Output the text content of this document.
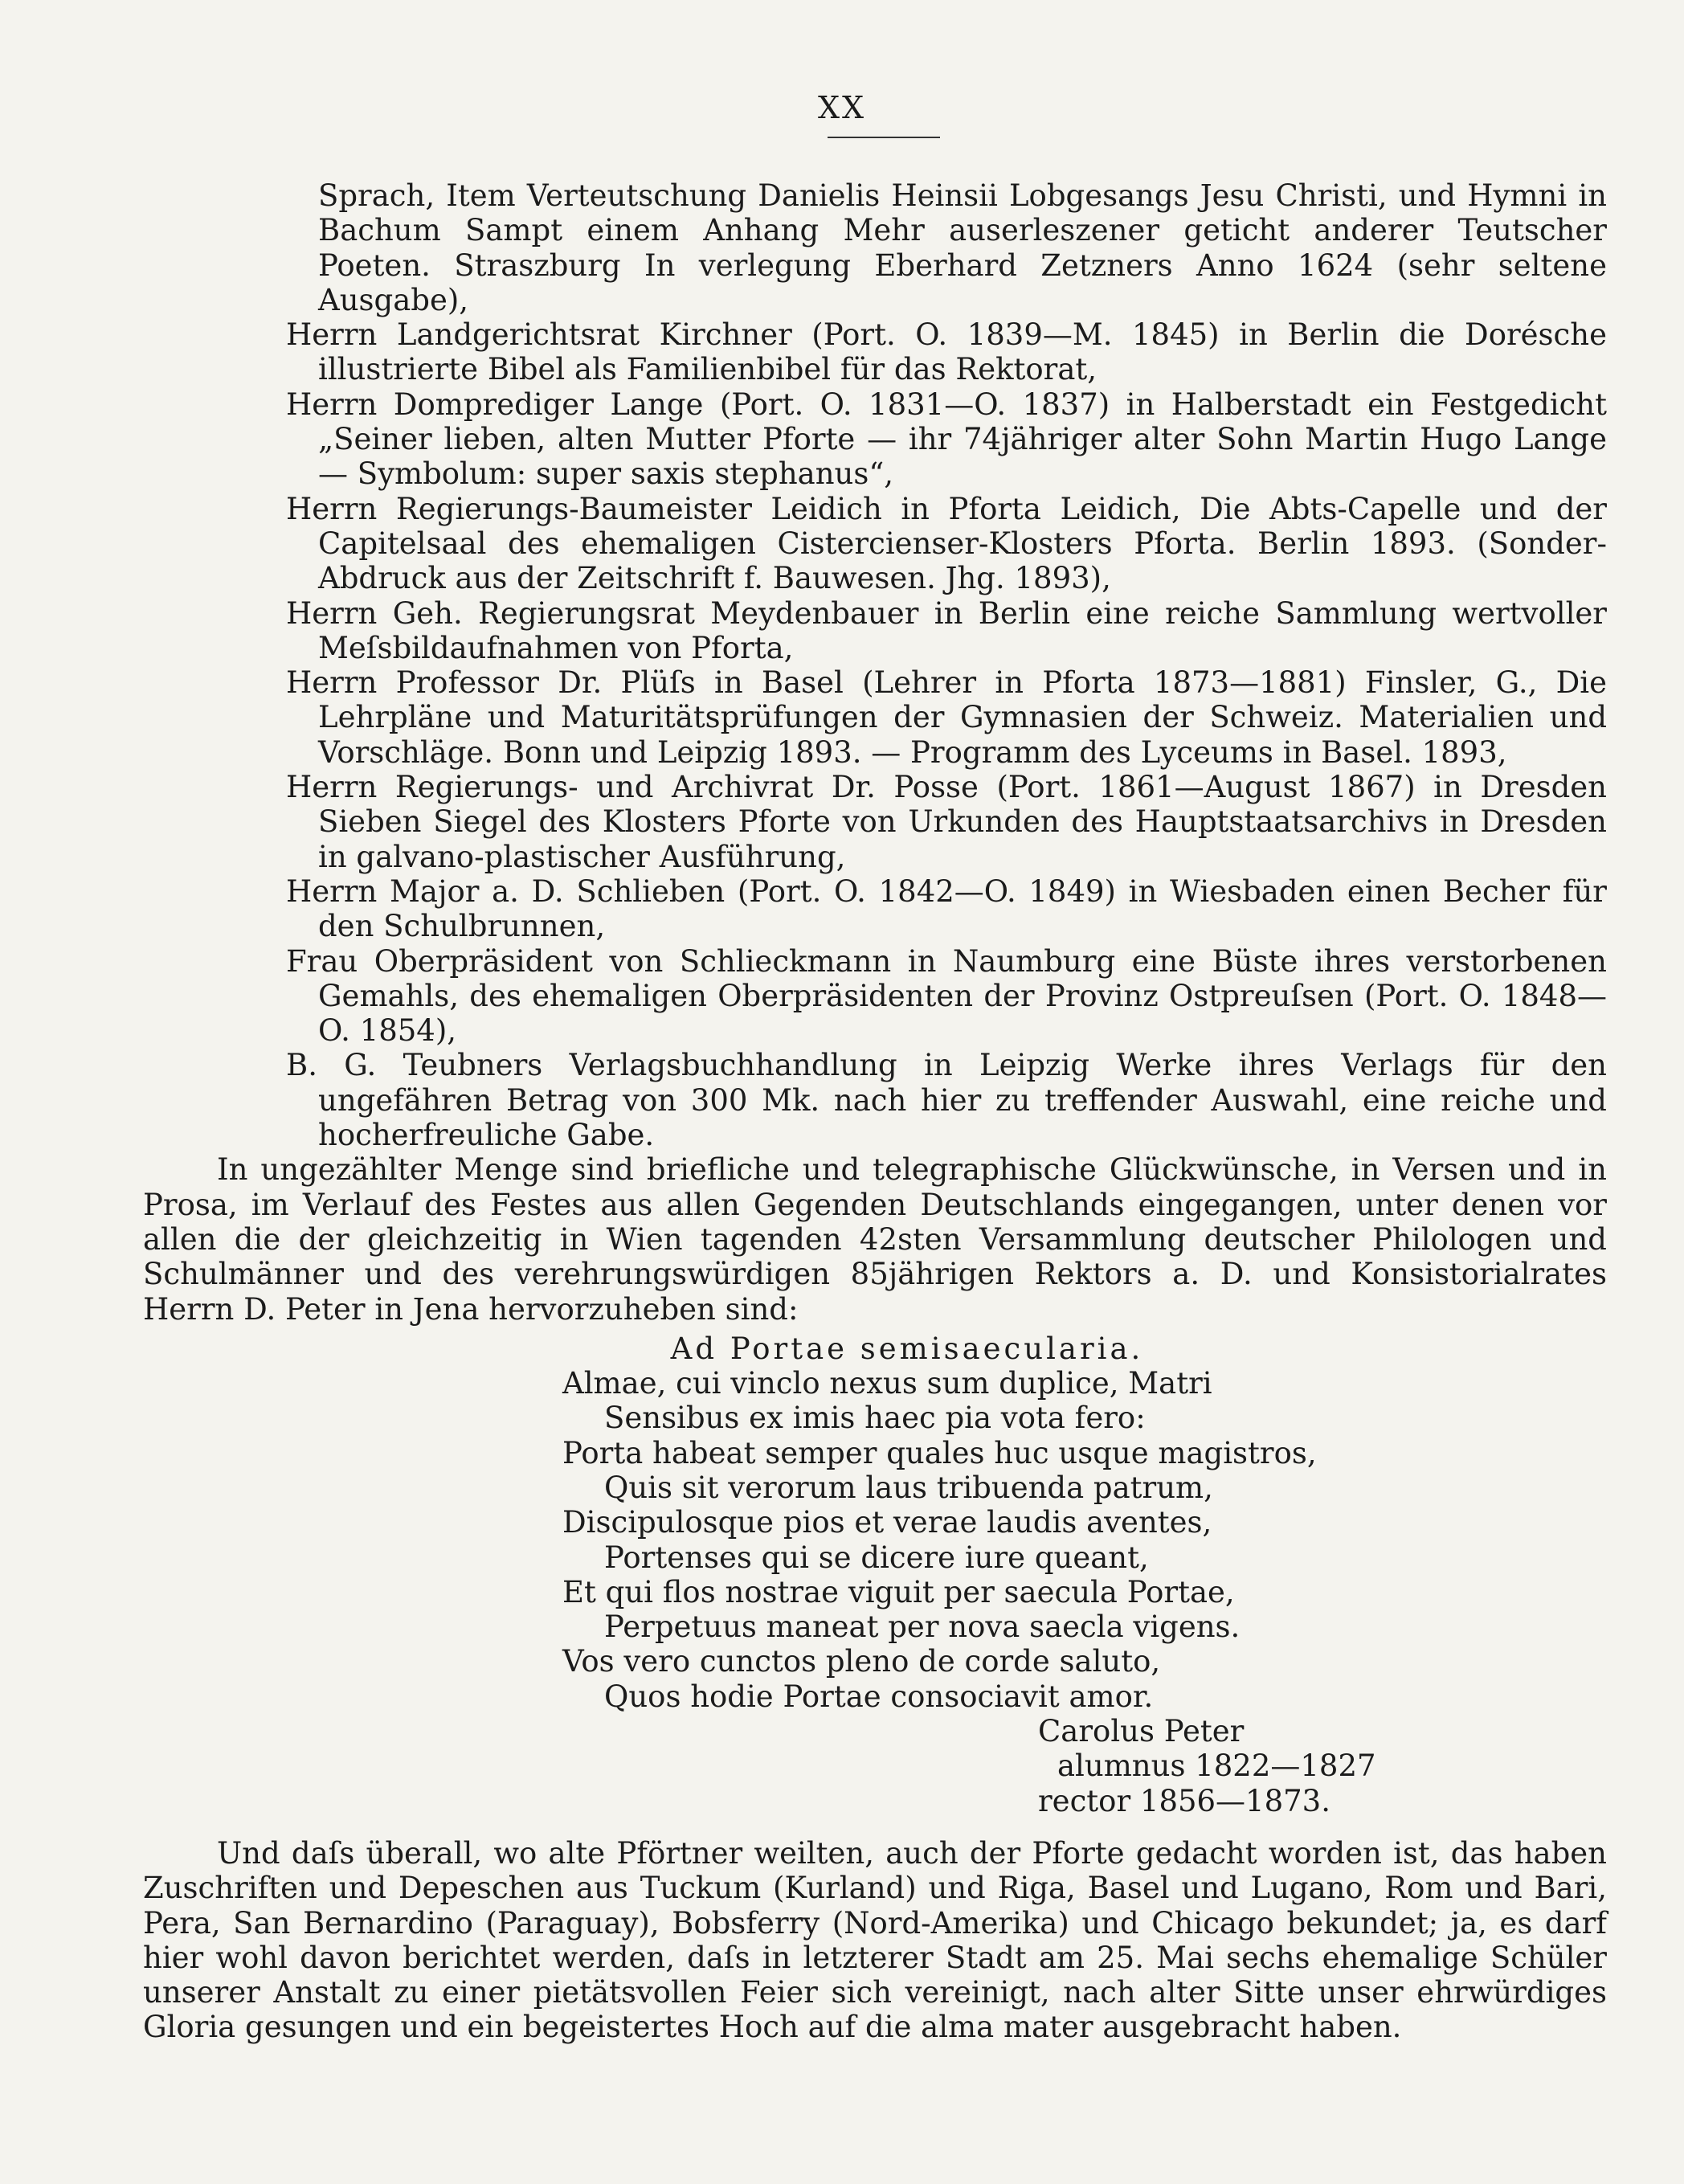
XX

Sprach, Item Verteutschung Danielis Heinsii Lobgesangs Jesu Christi, und Hymni in Bachum Sampt einem Anhang Mehr auserleszener geticht anderer Teutscher Poeten. Straszburg In verlegung Eberhard Zetzners Anno 1624 (sehr seltene Ausgabe),

Herrn Landgerichtsrat Kirchner (Port. O. 1839—M. 1845) in Berlin die Dorésche illustrierte Bibel als Familienbibel für das Rektorat,

Herrn Domprediger Lange (Port. O. 1831—O. 1837) in Halberstadt ein Festgedicht „Seiner lieben, alten Mutter Pforte — ihr 74jähriger alter Sohn Martin Hugo Lange — Symbolum: super saxis stephanus“,

Herrn Regierungs-Baumeister Leidich in Pforta Leidich, Die Abts-Capelle und der Capitelsaal des ehemaligen Cistercienser-Klosters Pforta. Berlin 1893. (Sonder-Abdruck aus der Zeitschrift f. Bauwesen. Jhg. 1893),

Herrn Geh. Regierungsrat Meydenbauer in Berlin eine reiche Sammlung wertvoller Meſsbildaufnahmen von Pforta,

Herrn Professor Dr. Plüſs in Basel (Lehrer in Pforta 1873—1881) Finsler, G., Die Lehrpläne und Maturitätsprüfungen der Gymnasien der Schweiz. Materialien und Vorschläge. Bonn und Leipzig 1893. — Programm des Lyceums in Basel. 1893,

Herrn Regierungs- und Archivrat Dr. Posse (Port. 1861—August 1867) in Dresden Sieben Siegel des Klosters Pforte von Urkunden des Hauptstaatsarchivs in Dresden in galvano-plastischer Ausführung,

Herrn Major a. D. Schlieben (Port. O. 1842—O. 1849) in Wiesbaden einen Becher für den Schulbrunnen,

Frau Oberpräsident von Schlieckmann in Naumburg eine Büste ihres verstorbenen Gemahls, des ehemaligen Oberpräsidenten der Provinz Ostpreuſsen (Port. O. 1848—O. 1854),

B. G. Teubners Verlagsbuchhandlung in Leipzig Werke ihres Verlags für den ungefähren Betrag von 300 Mk. nach hier zu treffender Auswahl, eine reiche und hocherfreuliche Gabe.

In ungezählter Menge sind briefliche und telegraphische Glückwünsche, in Versen und in Prosa, im Verlauf des Festes aus allen Gegenden Deutschlands eingegangen, unter denen vor allen die der gleichzeitig in Wien tagenden 42sten Versammlung deutscher Philologen und Schulmänner und des verehrungswürdigen 85jährigen Rektors a. D. und Konsistorialrates Herrn D. Peter in Jena hervorzuheben sind:

Ad Portae semisaecularia.

Almae, cui vinclo nexus sum duplice, Matri
Sensibus ex imis haec pia vota fero:
Porta habeat semper quales huc usque magistros,
Quis sit verorum laus tribuenda patrum,
Discipulosque pios et verae laudis aventes,
Portenses qui se dicere iure queant,
Et qui flos nostrae viguit per saecula Portae,
Perpetuus maneat per nova saecla vigens.
Vos vero cunctos pleno de corde saluto,
Quos hodie Portae consociavit amor.
Carolus Peter
alumnus 1822—1827
rector 1856—1873.

Und daſs überall, wo alte Pförtner weilten, auch der Pforte gedacht worden ist, das haben Zuschriften und Depeschen aus Tuckum (Kurland) und Riga, Basel und Lugano, Rom und Bari, Pera, San Bernardino (Paraguay), Bobsferry (Nord-Amerika) und Chicago bekundet; ja, es darf hier wohl davon berichtet werden, daſs in letzterer Stadt am 25. Mai sechs ehemalige Schüler unserer Anstalt zu einer pietätsvollen Feier sich vereinigt, nach alter Sitte unser ehrwürdiges Gloria gesungen und ein begeistertes Hoch auf die alma mater ausgebracht haben.
